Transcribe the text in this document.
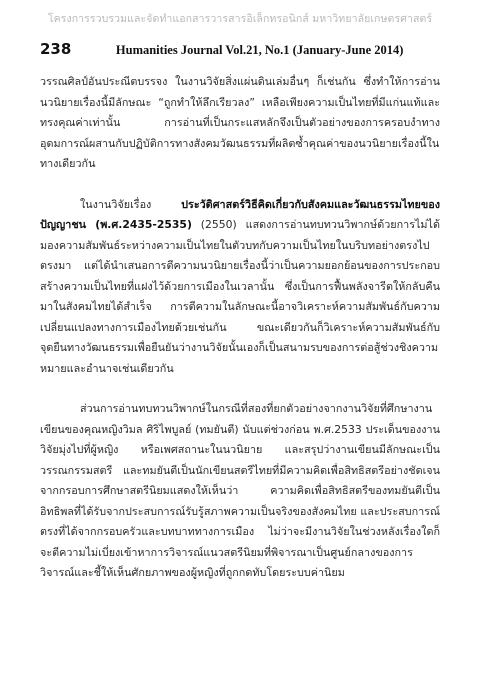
โครงการรวบรวมและจัดทำแอกสารวารสารอิเล็กทรอนิกส์ มหาวิทยาลัยเกษตรศาสตร์
238	Humanities Journal Vol.21, No.1 (January-June 2014)

วรรณศิลป์อันประณีตบรรจง ในงานวิจัยสิ่งแผ่นดินเล่มอื่นๆ ก็เช่นกัน ซึ่งทำให้การอ่านนวนิยายเรื่องนี้มีลักษณะ “ถูกทำให้ลึกเรียวลง” เหลือเพียงความเป็นไทยที่มีแก่นแท้และทรงคุณค่าเท่านั้น การอ่านที่เป็นกระแสหลักจึงเป็นตัวอย่างของการครอบงำทางอุดมการณ์ผสานกับปฏิบัติการทางสังคมวัฒนธรรมที่ผลิตซ้ำคุณค่าของนวนิยายเรื่องนี้ในทางเดียวกัน

ในงานวิจัยเรื่อง ประวัติศาสตร์วิธีคิดเกี่ยวกับสังคมและวัฒนธรรมไทยของปัญญาชน (พ.ศ.2435-2535) (2550) แสดงการอ่านทบทวนวิพากษ์ด้วยการไม่ได้มองความสัมพันธ์ระหว่างความเป็นไทยในตัวบทกับความเป็นไทยในบริบทอย่างตรงไปตรงมา แต่ได้นำเสนอการตีความนวนิยายเรื่องนี้ว่าเป็นความยอกย้อนของการประกอบสร้างความเป็นไทยที่แฝงไว้ด้วยการเมืองในเวลานั้น ซึ่งเป็นการฟื้นพลังจารีตให้กลับคืนมาในสังคมไทยได้สำเร็จ การตีความในลักษณะนี้อาจวิเคราะห์ความสัมพันธ์กับความเปลี่ยนแปลงทางการเมืองไทยด้วยเช่นกัน ขณะเดียวกันก็วิเคราะห์ความสัมพันธ์กับจุดยืนทางวัฒนธรรมเพื่อยืนยันว่างานวิจัยนั้นเองก็เป็นสนามรบของการต่อสู้ช่วงชิงความหมายและอำนาจเช่นเดียวกัน

ส่วนการอ่านทบทวนวิพากษ์ในกรณีที่สองที่ยกตัวอย่างจากงานวิจัยที่ศึกษางานเขียนของคุณหญิงวิมล ศิริไพบูลย์ (ทมยันตี) นับแต่ช่วงก่อน พ.ศ.2533 ประเด็นของงานวิจัยมุ่งไปที่ผู้หญิง หรือเพศสถานะในนวนิยาย และสรุปว่างานเขียนมีลักษณะเป็นวรรณกรรมสตรี และทมยันตีเป็นนักเขียนสตรีไทยที่มีความคิดเพื่อสิทธิสตรีอย่างชัดเจน จากกรอบการศึกษาสตรีนิยมแสดงให้เห็นว่า ความคิดเพื่อสิทธิสตรีของทมยันตีเป็นอิทธิพลที่ได้รับจากประสบการณ์รับรู้สภาพความเป็นจริงของสังคมไทย และประสบการณ์ตรงที่ได้จากกรอบครัวและบทบาททางการเมือง ไม่ว่าจะมีงานวิจัยในช่วงหลังเรื่องใดก็จะตีความไม่เบี่ยงเข้าหาการวิจารณ์แนวสตรีนิยมที่พิจารณาเป็นศูนย์กลางของการวิจารณ์และชี้ให้เห็นศักยภาพของผู้หญิงที่ถูกกดทับโดยระบบค่านิยม
